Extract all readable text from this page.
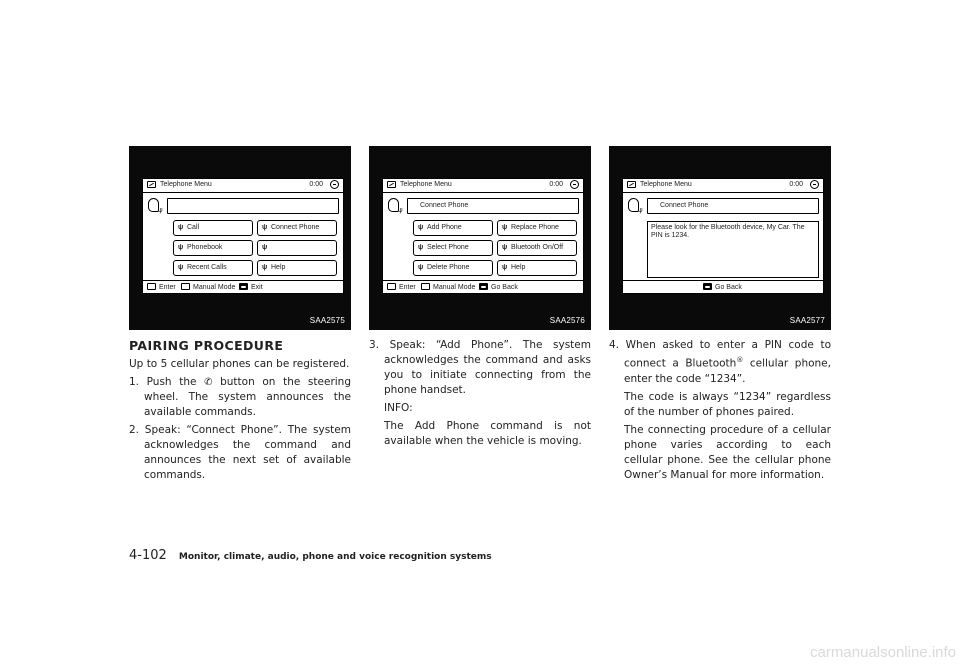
Telephone Menu	0:00
ψ
ψ Call	ψ Connect Phone
ψ Phonebook	ψ
ψ Recent Calls	ψ Help
Enter	Manual Mode	Exit
SAA2575
Telephone Menu	0:00
ψ
Connect Phone
ψ Add Phone	ψ Replace Phone
ψ Select Phone	ψ Bluetooth On/Off
ψ Delete Phone	ψ Help
Enter	Manual Mode	Go Back
SAA2576
Telephone Menu	0:00
ψ
Connect Phone
Please look for the Bluetooth device, My Car. The PIN is 1234.
Go Back
SAA2577
PAIRING PROCEDURE

Up to 5 cellular phones can be registered.

1. Push the ✆ button on the steering wheel. The system announces the available commands.

2. Speak: “Connect Phone”. The system acknowledges the command and announces the next set of available commands.

3. Speak: “Add Phone”. The system acknowledges the command and asks you to initiate connecting from the phone handset.

INFO:

The Add Phone command is not available when the vehicle is moving.

4. When asked to enter a PIN code to connect a Bluetooth® cellular phone, enter the code “1234”.

The code is always “1234” regardless of the number of phones paired.

The connecting procedure of a cellular phone varies according to each cellular phone. See the cellular phone Owner’s Manual for more information.

4-102 Monitor, climate, audio, phone and voice recognition systems
carmanualsonline.info
